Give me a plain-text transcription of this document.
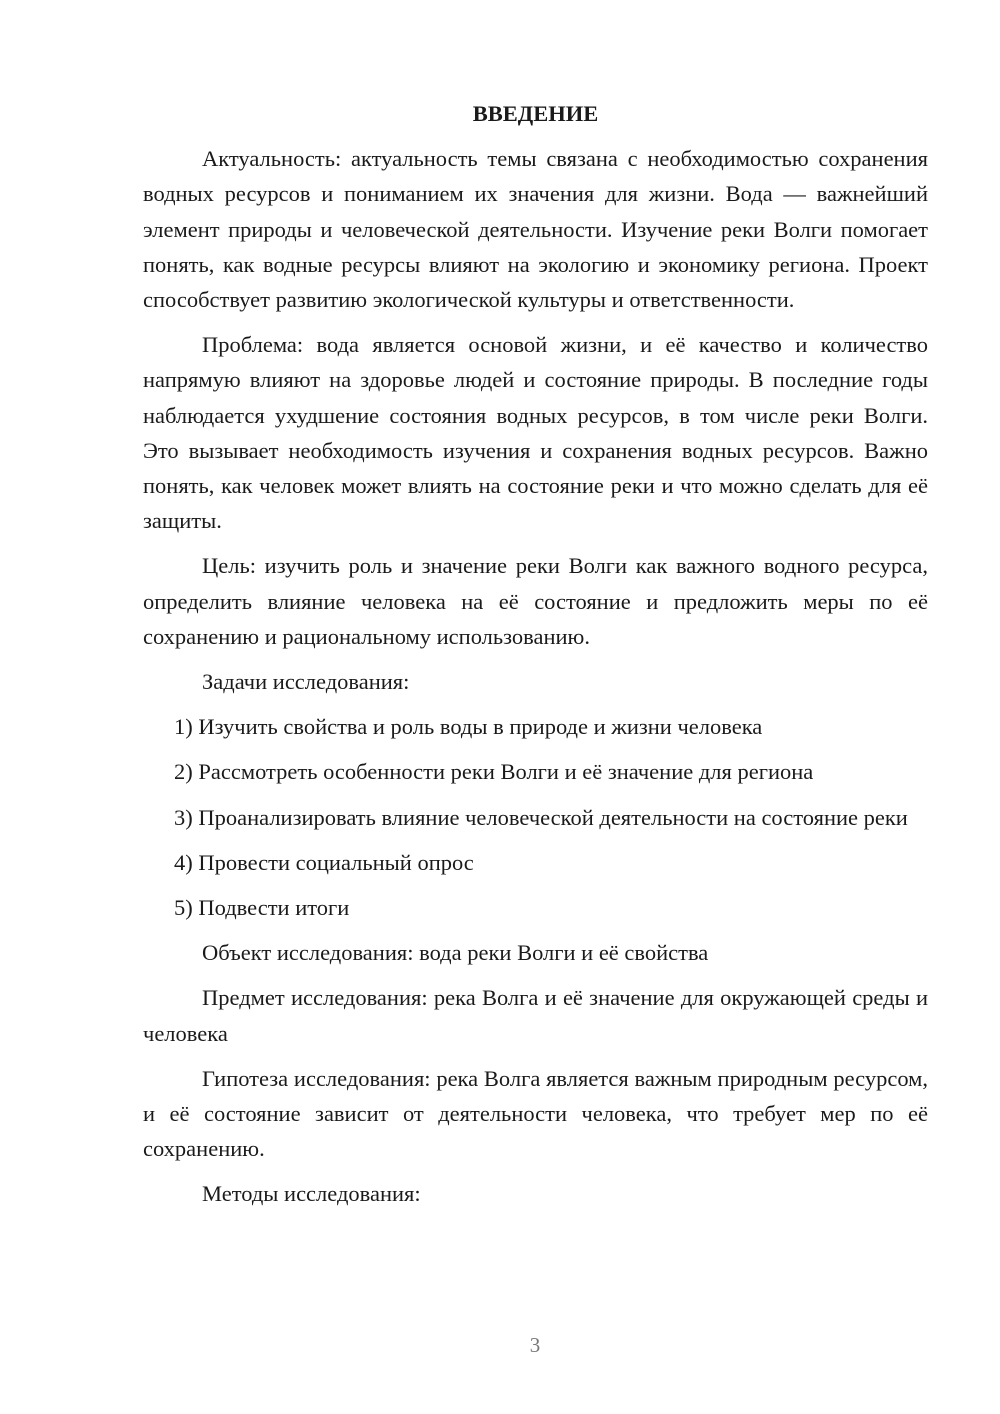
ВВЕДЕНИЕ

Актуальность: актуальность темы связана с необходимостью сохранения водных ресурсов и пониманием их значения для жизни. Вода — важнейший элемент природы и человеческой деятельности. Изучение реки Волги помогает понять, как водные ресурсы влияют на экологию и экономику региона. Проект способствует развитию экологической культуры и ответственности.

Проблема: вода является основой жизни, и её качество и количество напрямую влияют на здоровье людей и состояние природы. В последние годы наблюдается ухудшение состояния водных ресурсов, в том числе реки Волги. Это вызывает необходимость изучения и сохранения водных ресурсов. Важно понять, как человек может влиять на состояние реки и что можно сделать для её защиты.

Цель: изучить роль и значение реки Волги как важного водного ресурса, определить влияние человека на её состояние и предложить меры по её сохранению и рациональному использованию.

Задачи исследования:

1) Изучить свойства и роль воды в природе и жизни человека

2) Рассмотреть особенности реки Волги и её значение для региона

3) Проанализировать влияние человеческой деятельности на состояние реки

4) Провести социальный опрос

5) Подвести итоги

Объект исследования: вода реки Волги и её свойства

Предмет исследования: река Волга и её значение для окружающей среды и человека

Гипотеза исследования: река Волга является важным природным ресурсом, и её состояние зависит от деятельности человека, что требует мер по её сохранению.

Методы исследования:

3
